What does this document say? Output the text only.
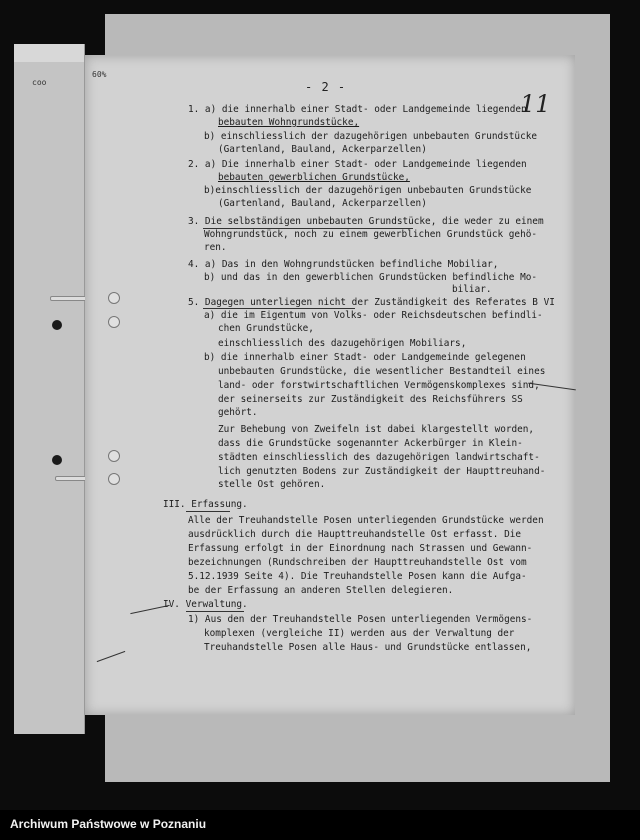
coo
60%
- 2 -
11
1. a) die innerhalb einer Stadt- oder Landgemeinde liegenden
bebauten Wohngrundstücke,
b) einschliesslich der dazugehörigen unbebauten Grundstücke
(Gartenland, Bauland, Ackerparzellen)
2. a) Die innerhalb einer Stadt- oder Landgemeinde liegenden
bebauten gewerblichen Grundstücke,
b)einschliesslich der dazugehörigen unbebauten Grundstücke
(Gartenland, Bauland, Ackerparzellen)
3. Die selbständigen unbebauten Grundstücke, die weder zu einem
Wohngrundstück, noch zu einem gewerblichen Grundstück gehö-
ren.
4. a) Das in den Wohngrundstücken befindliche Mobiliar,
b) und das in den gewerblichen Grundstücken befindliche Mo-
biliar.
5. Dagegen unterliegen nicht der Zuständigkeit des Referates B VI
a) die im Eigentum von Volks- oder Reichsdeutschen befindli-
chen Grundstücke,
einschliesslich des dazugehörigen Mobiliars,
b) die innerhalb einer Stadt- oder Landgemeinde gelegenen
unbebauten Grundstücke, die wesentlicher Bestandteil eines
land- oder forstwirtschaftlichen Vermögenskomplexes sind,
der seinerseits zur Zuständigkeit des Reichsführers SS
gehört.
Zur Behebung von Zweifeln ist dabei klargestellt worden,
dass die Grundstücke sogenannter Ackerbürger in Klein-
städten einschliesslich des dazugehörigen landwirtschaft-
lich genutzten Bodens zur Zuständigkeit der Haupttreuhand-
stelle Ost gehören.
III. Erfassung.
Alle der Treuhandstelle Posen unterliegenden Grundstücke werden
ausdrücklich durch die Haupttreuhandstelle Ost erfasst. Die
Erfassung erfolgt in der Einordnung nach Strassen und Gewann-
bezeichnungen (Rundschreiben der Haupttreuhandstelle Ost vom
5.12.1939 Seite 4). Die Treuhandstelle Posen kann die Aufga-
be der Erfassung an anderen Stellen delegieren.
IV. Verwaltung.
1) Aus den der Treuhandstelle Posen unterliegenden Vermögens-
komplexen (vergleiche II) werden aus der Verwaltung der
Treuhandstelle Posen alle Haus- und Grundstücke entlassen,
Archiwum Państwowe w Poznaniu
